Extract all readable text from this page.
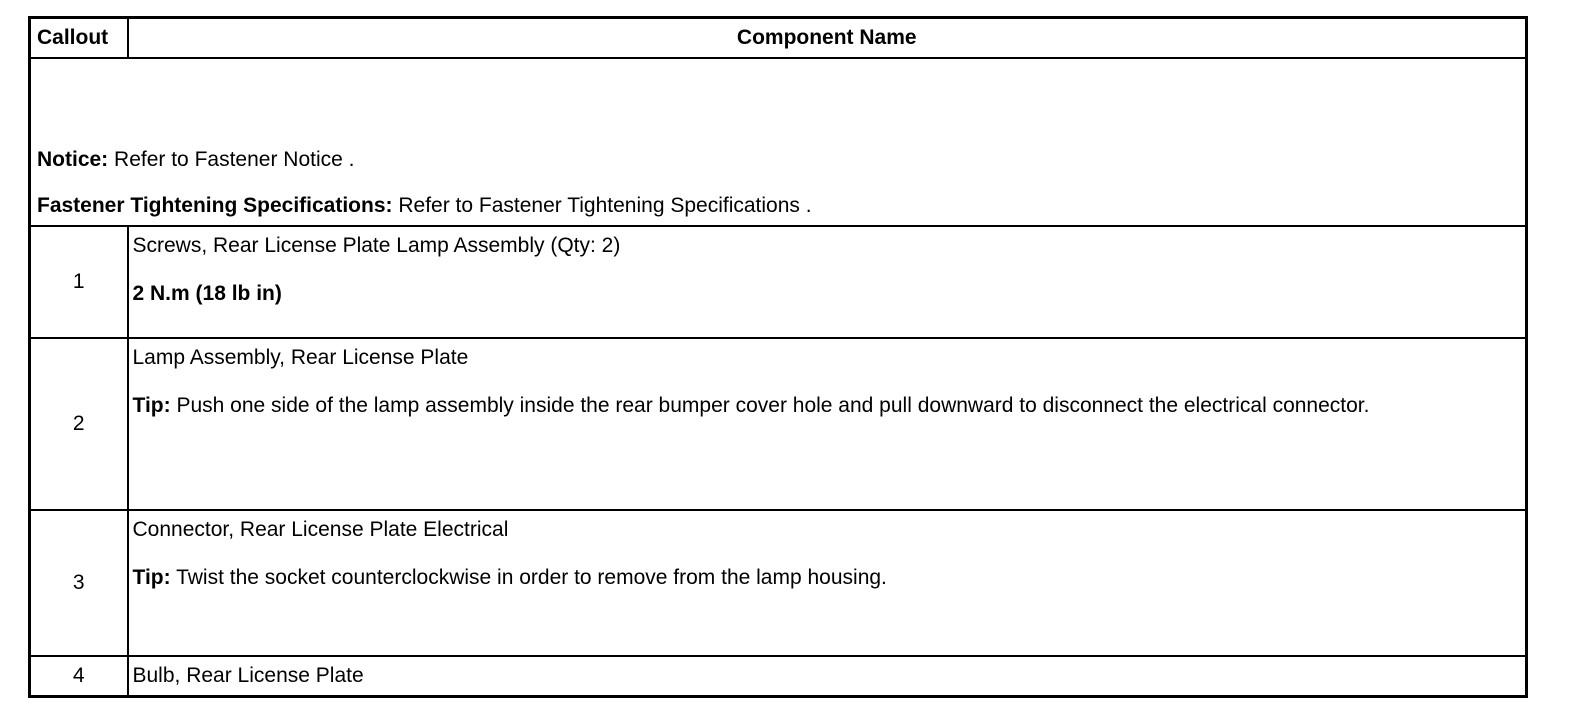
Callout	Component Name

Notice: Refer to Fastener Notice .

Fastener Tightening Specifications: Refer to Fastener Tightening Specifications .	

1	Screws, Rear License Plate Lamp Assembly (Qty: 2)

2 N.m (18 lb in)

2	Lamp Assembly, Rear License Plate

Tip: Push one side of the lamp assembly inside the rear bumper cover hole and pull downward to disconnect the electrical connector.

3	Connector, Rear License Plate Electrical

Tip: Twist the socket counterclockwise in order to remove from the lamp housing.

4	Bulb, Rear License Plate
